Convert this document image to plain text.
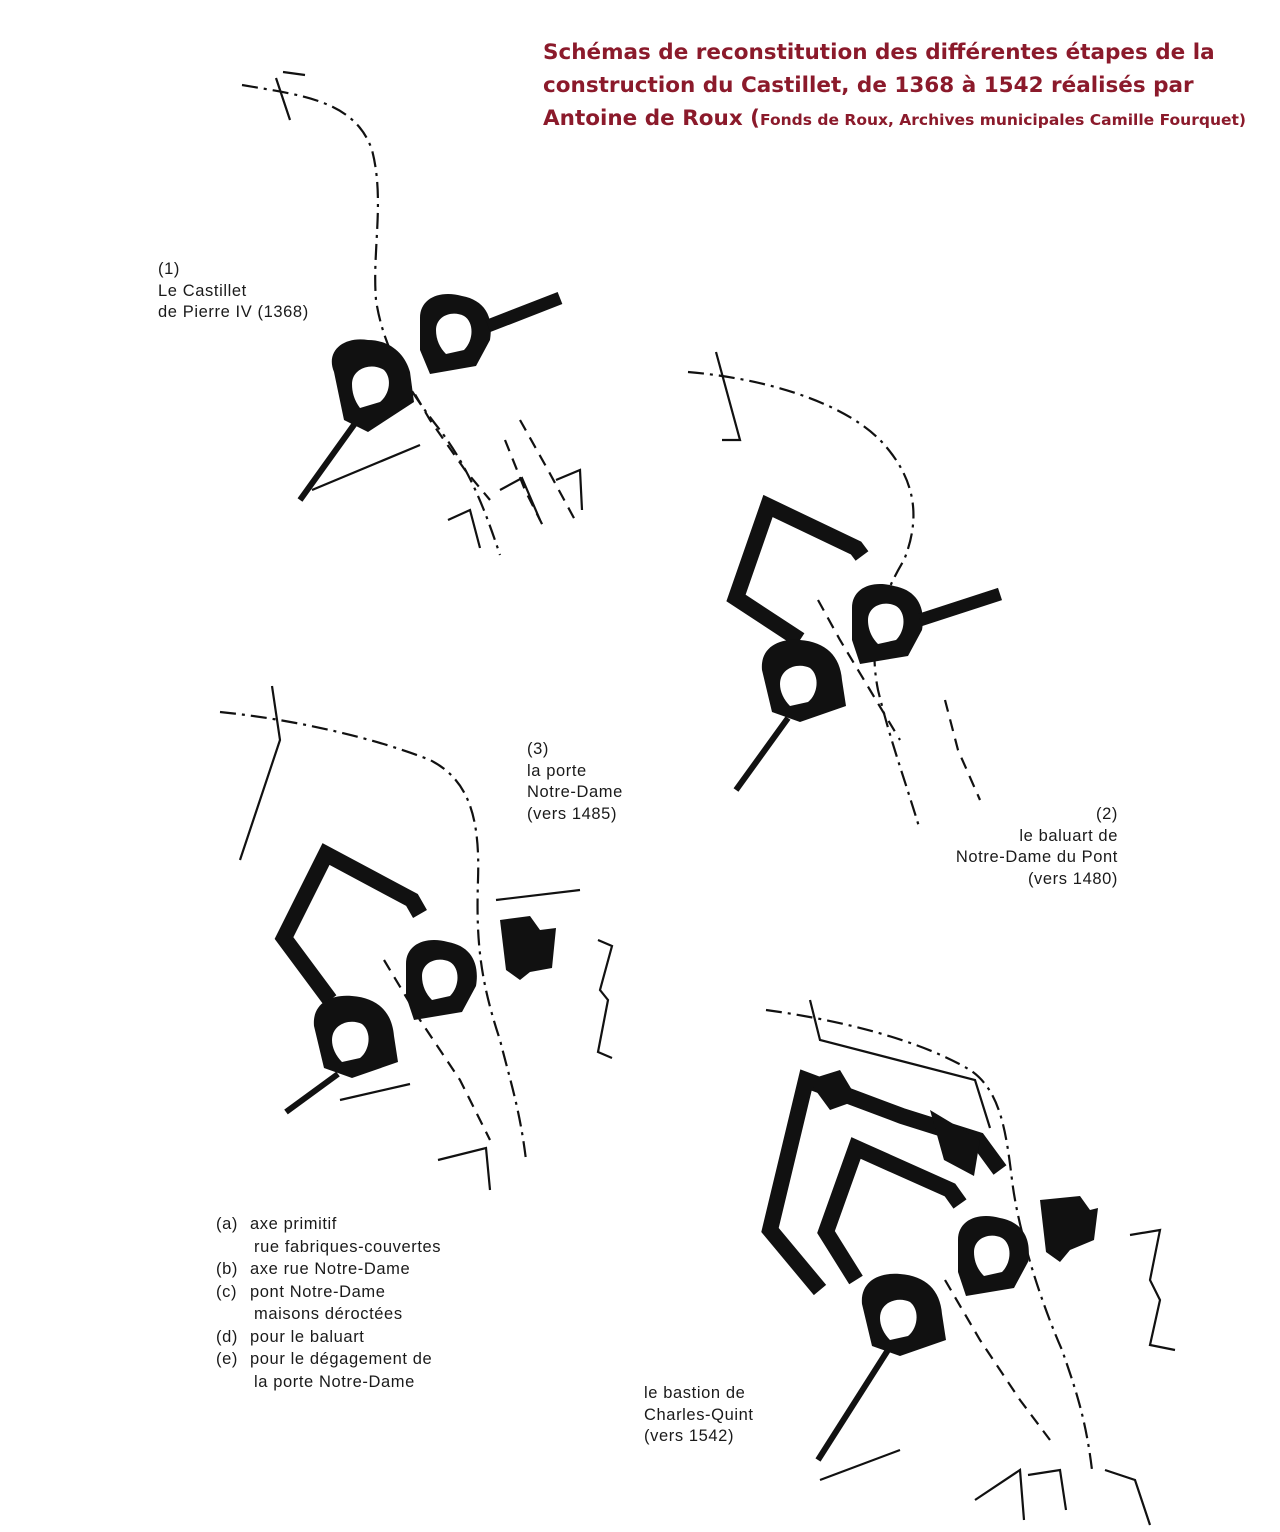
Schémas de reconstitution des différentes étapes de la construction du Castillet, de 1368 à 1542 réalisés par Antoine de Roux (Fonds de Roux, Archives municipales Camille Fourquet)
(1)
Le Castillet
de Pierre IV (1368)
(2)
le baluart de
Notre-Dame du Pont
(vers 1480)
(3)
la porte
Notre-Dame
(vers 1485)
le bastion de
Charles-Quint
(vers 1542)
(a) axe primitif
rue fabriques-couvertes
(b) axe rue Notre-Dame
(c) pont Notre-Dame
maisons déroctées
(d) pour le baluart
(e) pour le dégagement de
la porte Notre-Dame
